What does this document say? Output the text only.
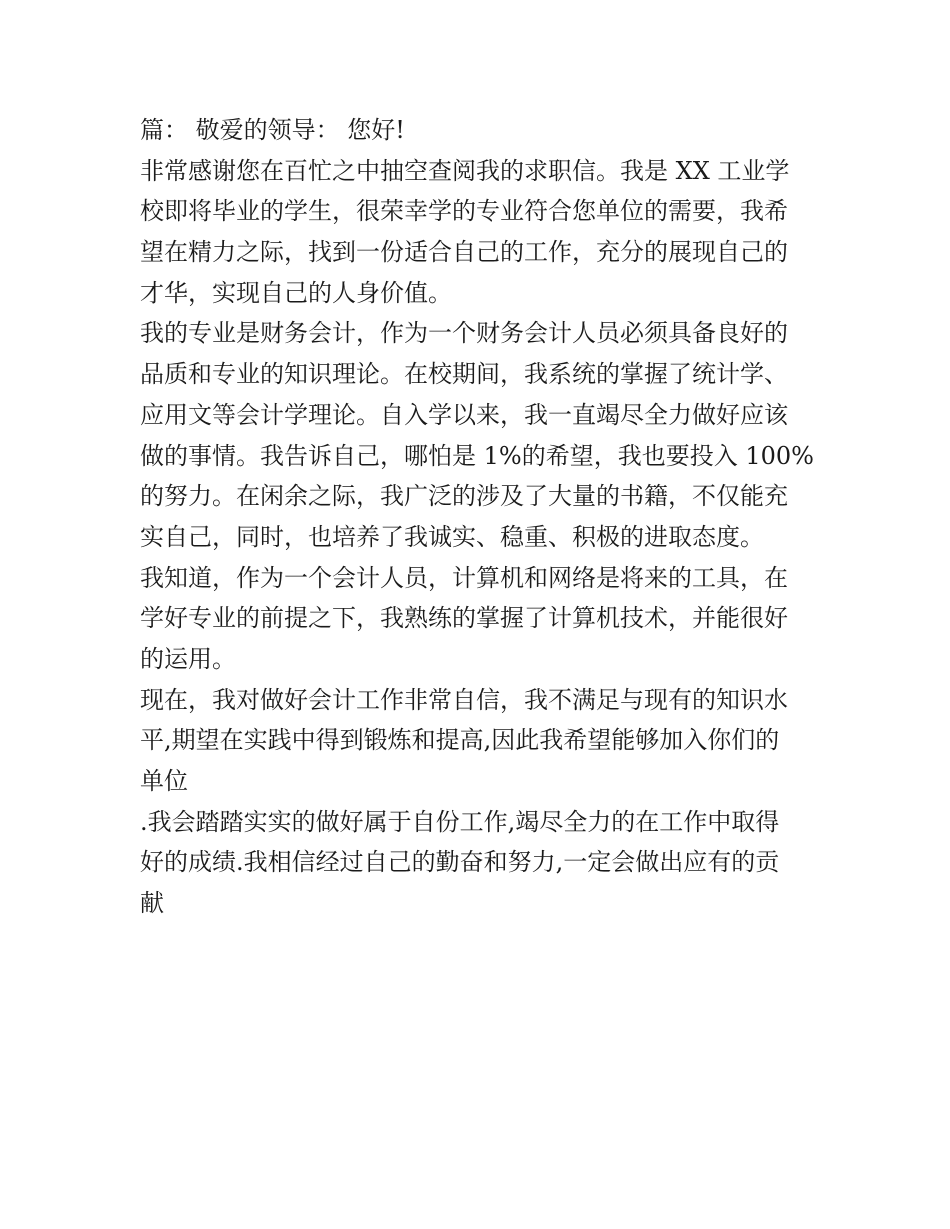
篇： 敬爱的领导： 您好!
非常感谢您在百忙之中抽空查阅我的求职信。我是 XX 工业学
校即将毕业的学生，很荣幸学的专业符合您单位的需要，我希
望在精力之际，找到一份适合自己的工作，充分的展现自己的
才华，实现自己的人身价值。
我的专业是财务会计，作为一个财务会计人员必须具备良好的
品质和专业的知识理论。在校期间，我系统的掌握了统计学、
应用文等会计学理论。自入学以来，我一直竭尽全力做好应该
做的事情。我告诉自己，哪怕是 1%的希望，我也要投入 100%
的努力。在闲余之际，我广泛的涉及了大量的书籍，不仅能充
实自己，同时，也培养了我诚实、稳重、积极的进取态度。
我知道，作为一个会计人员，计算机和网络是将来的工具，在
学好专业的前提之下，我熟练的掌握了计算机技术，并能很好
的运用。
现在，我对做好会计工作非常自信，我不满足与现有的知识水
平,期望在实践中得到锻炼和提高,因此我希望能够加入你们的
单位
.我会踏踏实实的做好属于自份工作,竭尽全力的在工作中取得
好的成绩.我相信经过自己的勤奋和努力,一定会做出应有的贡
献
